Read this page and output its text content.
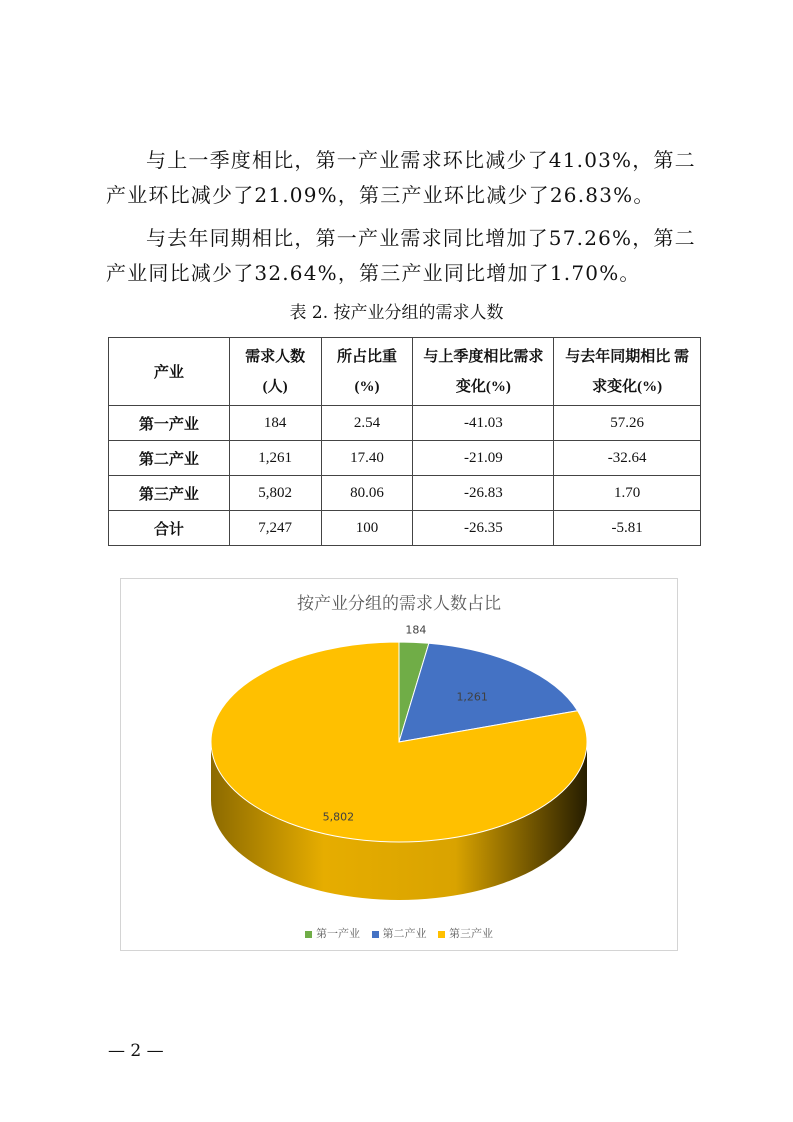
与上一季度相比，第一产业需求环比减少了41.03%，第二产业环比减少了21.09%，第三产业环比减少了26.83%。

与去年同期相比，第一产业需求同比增加了57.26%，第二产业同比减少了32.64%，第三产业同比增加了1.70%。

表 2. 按产业分组的需求人数
产业	需求人数(人)	所占比重(%)	与上季度相比需求变化(%)	与去年同期相比 需求变化(%)
第一产业	184	2.54	-41.03	57.26
第二产业	1,261	17.40	-21.09	-32.64
第三产业	5,802	80.06	-26.83	1.70
合计	7,247	100	-26.35	-5.81
按产业分组的需求人数占比
184
1,261
5,802
第一产业 第二产业 第三产业
— 2 —
